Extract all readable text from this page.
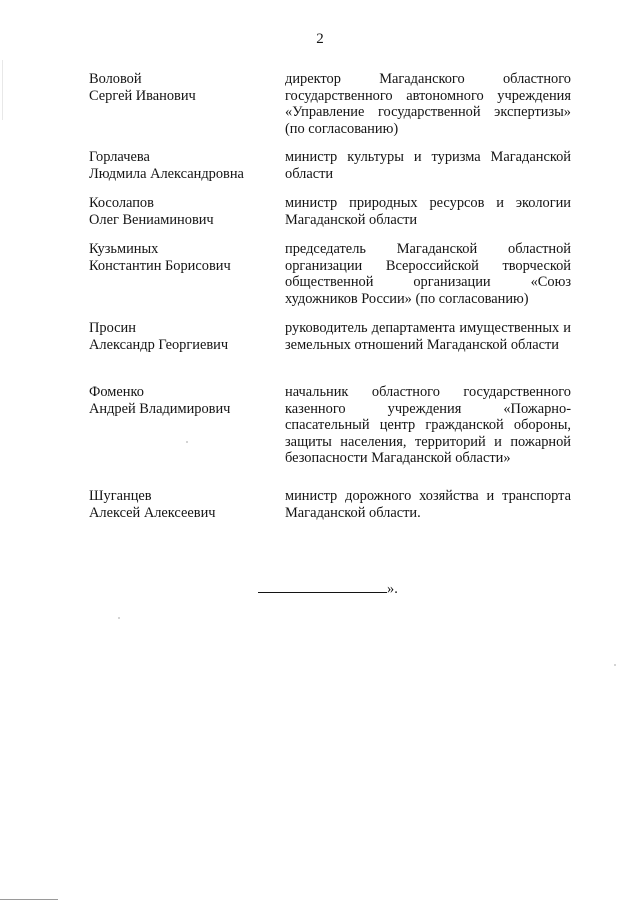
2
Воловой
Сергей Иванович
директор Магаданского областного государственного автономного учреждения «Управление государственной экспертизы» (по согласованию)
Горлачева
Людмила Александровна
министр культуры и туризма Магаданской области
Косолапов
Олег Вениаминович
министр природных ресурсов и экологии Магаданской области
Кузьминых
Константин Борисович
председатель Магаданской областной организации Всероссийской творческой общественной организации «Союз художников России» (по согласованию)
Просин
Александр Георгиевич
руководитель департамента имущественных и земельных отношений Магаданской области
Фоменко
Андрей Владимирович
начальник областного государственного казенного учреждения «Пожарно-спасательный центр гражданской обороны, защиты населения, территорий и пожарной безопасности Магаданской области»
Шуганцев
Алексей Алексеевич
министр дорожного хозяйства и транспорта Магаданской области.
».
